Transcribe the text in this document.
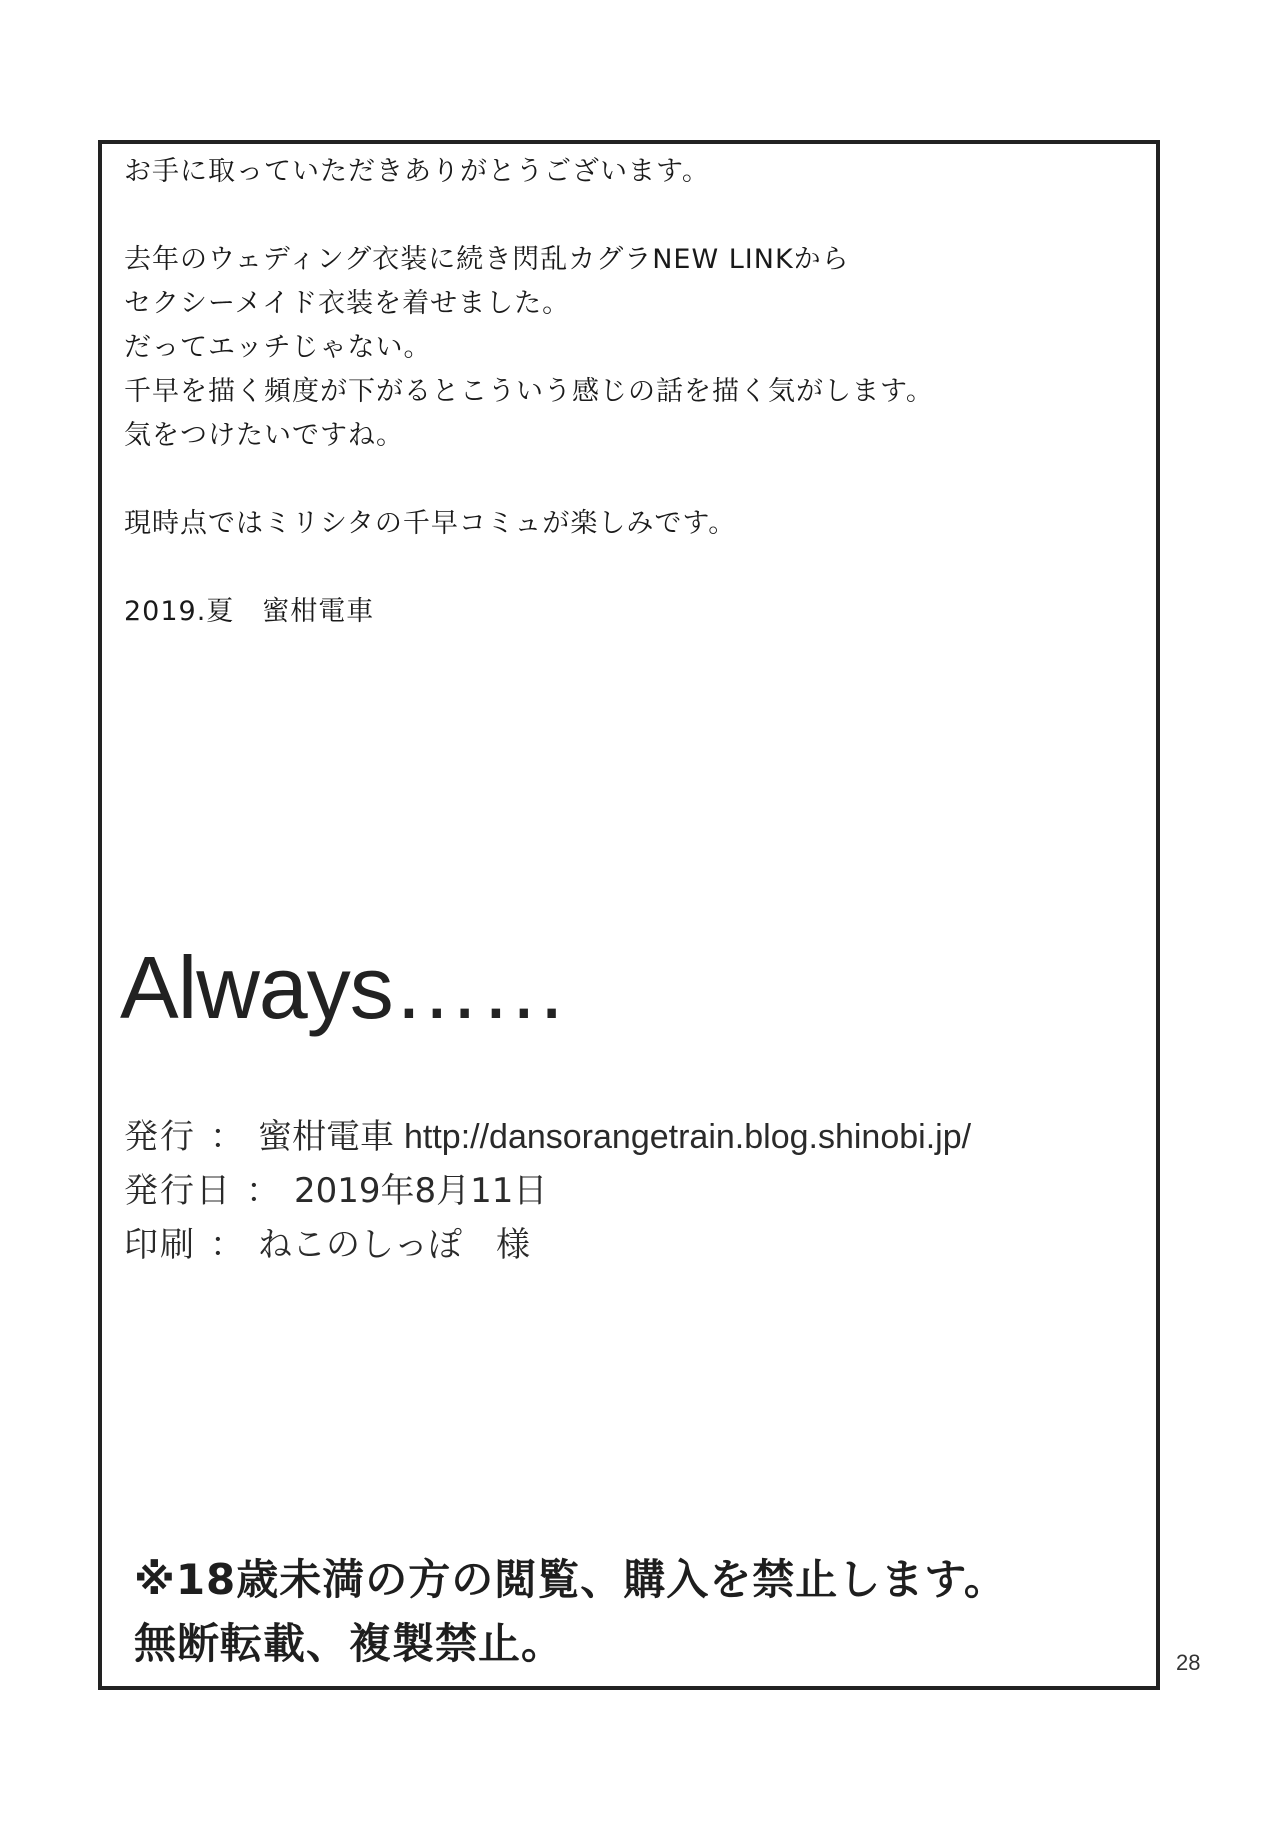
お手に取っていただきありがとうございます。
去年のウェディング衣装に続き閃乱カグラNEW LINKから
セクシーメイド衣装を着せました。
だってエッチじゃない。
千早を描く頻度が下がるとこういう感じの話を描く気がします。
気をつけたいですね。
現時点ではミリシタの千早コミュが楽しみです。
2019.夏　蜜柑電車
Always……
発行 ： 蜜柑電車 http://dansorangetrain.blog.shinobi.jp/
発行日 ： 2019年8月11日
印刷 ： ねこのしっぽ　様
※18歳未満の方の閲覧、購入を禁止します。
無断転載、複製禁止。	28
